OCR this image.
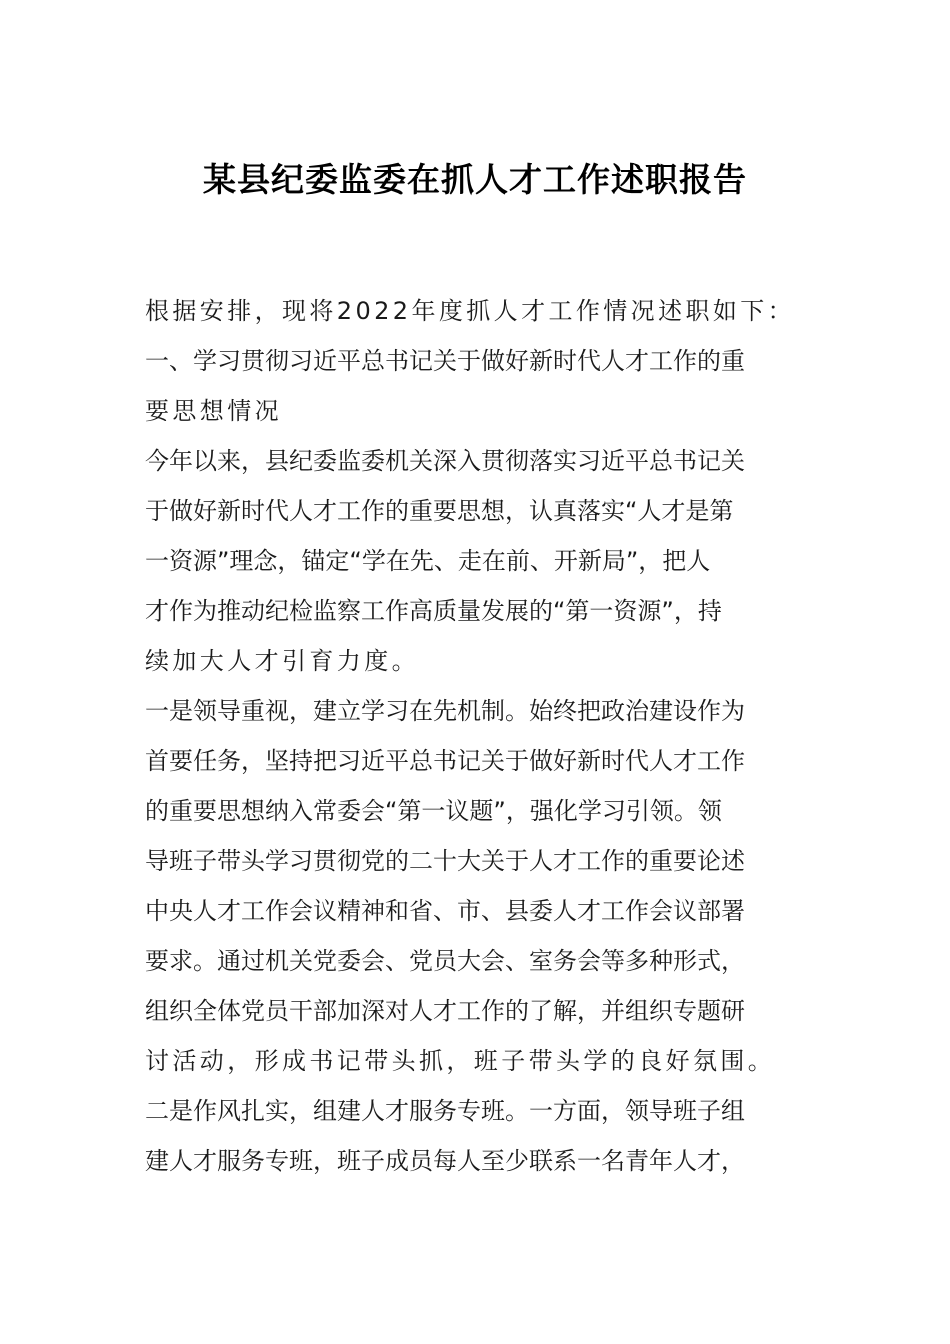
某县纪委监委在抓人才工作述职报告
根据安排，现将2022年度抓人才工作情况述职如下：
一、学习贯彻习近平总书记关于做好新时代人才工作的重
要思想情况
今年以来，县纪委监委机关深入贯彻落实习近平总书记关
于做好新时代人才工作的重要思想，认真落实“人才是第
一资源”理念，锚定“学在先、走在前、开新局”，把人
才作为推动纪检监察工作高质量发展的“第一资源”，持
续加大人才引育力度。
一是领导重视，建立学习在先机制。始终把政治建设作为
首要任务，坚持把习近平总书记关于做好新时代人才工作
的重要思想纳入常委会“第一议题”，强化学习引领。领
导班子带头学习贯彻党的二十大关于人才工作的重要论述
中央人才工作会议精神和省、市、县委人才工作会议部署
要求。通过机关党委会、党员大会、室务会等多种形式，
组织全体党员干部加深对人才工作的了解，并组织专题研
讨活动，形成书记带头抓，班子带头学的良好氛围。
二是作风扎实，组建人才服务专班。一方面，领导班子组
建人才服务专班，班子成员每人至少联系一名青年人才，
